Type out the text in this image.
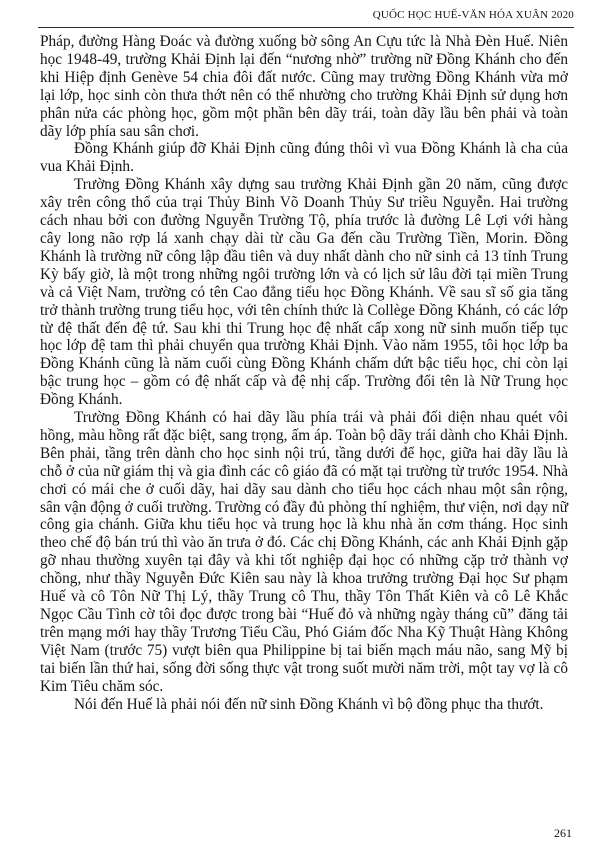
QUỐC HỌC HUẾ-VĂN HÓA XUÂN 2020

Pháp, đường Hàng Đoác và đường xuống bờ sông An Cựu tức là Nhà Đèn Huế. Niên học 1948-49, trường Khải Định lại đến “nương nhờ” trường nữ Đồng Khánh cho đến khi Hiệp định Genève 54 chia đôi đất nước. Cũng may trường Đồng Khánh vừa mở lại lớp, học sinh còn thưa thớt nên có thể nhường cho trường Khải Định sử dụng hơn phân nửa các phòng học, gồm một phần bên dãy trái, toàn dãy lầu bên phải và toàn dãy lớp phía sau sân chơi.

Đồng Khánh giúp đỡ Khải Định cũng đúng thôi vì vua Đồng Khánh là cha của vua Khải Định.

Trường Đồng Khánh xây dựng sau trường Khải Định gần 20 năm, cũng được xây trên công thổ của trại Thủy Binh Võ Doanh Thủy Sư triều Nguyễn. Hai trường cách nhau bởi con đường Nguyễn Trường Tộ, phía trước là đường Lê Lợi với hàng cây long não rợp lá xanh chạy dài từ cầu Ga đến cầu Trường Tiền, Morin. Đồng Khánh là trường nữ công lập đầu tiên và duy nhất dành cho nữ sinh cả 13 tỉnh Trung Kỳ bấy giờ, là một trong những ngôi trường lớn và có lịch sử lâu đời tại miền Trung và cả Việt Nam, trường có tên Cao đẳng tiểu học Đồng Khánh. Về sau sĩ số gia tăng trở thành trường trung tiểu học, với tên chính thức là Collège Đồng Khánh, có các lớp từ đệ thất đến đệ tứ. Sau khi thi Trung học đệ nhất cấp xong nữ sinh muốn tiếp tục học lớp đệ tam thì phải chuyển qua trường Khải Định. Vào năm 1955, tôi học lớp ba Đồng Khánh cũng là năm cuối cùng Đồng Khánh chấm dứt bậc tiểu học, chỉ còn lại bậc trung học – gồm có đệ nhất cấp và đệ nhị cấp. Trường đổi tên là Nữ Trung học Đồng Khánh.

Trường Đồng Khánh có hai dãy lầu phía trái và phải đối diện nhau quét vôi hồng, màu hồng rất đặc biệt, sang trọng, ấm áp. Toàn bộ dãy trái dành cho Khải Định. Bên phải, tầng trên dành cho học sinh nội trú, tầng dưới để học, giữa hai dãy lầu là chỗ ở của nữ giám thị và gia đình các cô giáo đã có mặt tại trường từ trước 1954. Nhà chơi có mái che ở cuối dãy, hai dãy sau dành cho tiểu học cách nhau một sân rộng, sân vận động ở cuối trường. Trường có đầy đủ phòng thí nghiệm, thư viện, nơi dạy nữ công gia chánh. Giữa khu tiểu học và trung học là khu nhà ăn cơm tháng. Học sinh theo chế độ bán trú thì vào ăn trưa ở đó. Các chị Đồng Khánh, các anh Khải Định gặp gỡ nhau thường xuyên tại đây và khi tốt nghiệp đại học có những cặp trở thành vợ chồng, như thầy Nguyễn Đức Kiên sau này là khoa trưởng trường Đại học Sư phạm Huế và cô Tôn Nữ Thị Lý, thầy Trung cô Thu, thầy Tôn Thất Kiên và cô Lê Khắc Ngọc Cầu Tình cờ tôi đọc được trong bài “Huế đỏ và những ngày tháng cũ” đăng tải trên mạng mới hay thầy Trương Tiểu Cầu, Phó Giám đốc Nha Kỹ Thuật Hàng Không Việt Nam (trước 75) vượt biên qua Philippine bị tai biến mạch máu não, sang Mỹ bị tai biến lần thứ hai, sống đời sống thực vật trong suốt mười năm trời, một tay vợ là cô Kim Tiêu chăm sóc.

Nói đến Huế là phải nói đến nữ sinh Đồng Khánh vì bộ đồng phục tha thướt.

261
